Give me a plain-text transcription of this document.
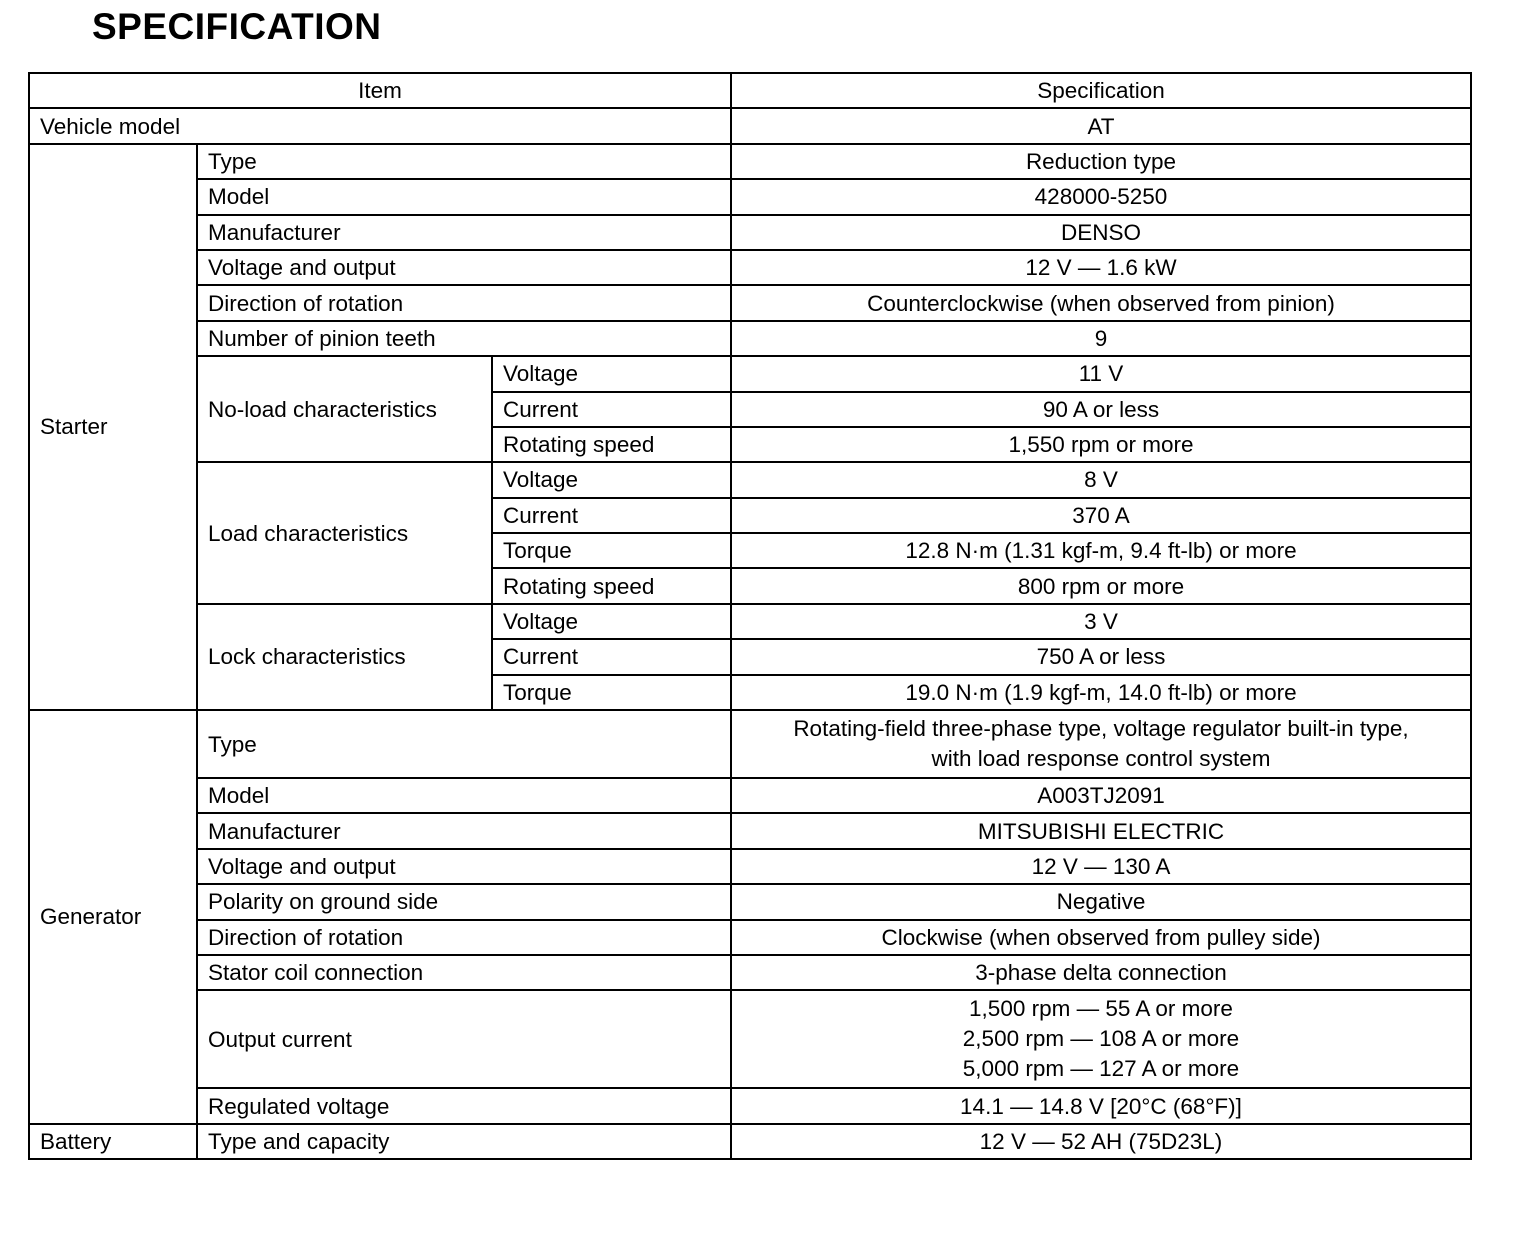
SPECIFICATION
Item			Specification
Vehicle model			AT
Starter	Type		Reduction type
	Model		428000-5250
	Manufacturer		DENSO
	Voltage and output		12 V — 1.6 kW
	Direction of rotation		Counterclockwise (when observed from pinion)
	Number of pinion teeth		9
	No-load characteristics	Voltage	11 V
		Current	90 A or less
		Rotating speed	1,550 rpm or more
	Load characteristics	Voltage	8 V
		Current	370 A
		Torque	12.8 N·m (1.31 kgf-m, 9.4 ft-lb) or more
		Rotating speed	800 rpm or more
	Lock characteristics	Voltage	3 V
		Current	750 A or less
		Torque	19.0 N·m (1.9 kgf-m, 14.0 ft-lb) or more
Generator	Type		Rotating-field three-phase type, voltage regulator built-in type,
with load response control system

	Model		A003TJ2091
	Manufacturer		MITSUBISHI ELECTRIC
	Voltage and output		12 V — 130 A
	Polarity on ground side		Negative
	Direction of rotation		Clockwise (when observed from pulley side)
	Stator coil connection		3-phase delta connection
	Output current		1,500 rpm — 55 A or more
2,500 rpm — 108 A or more
5,000 rpm — 127 A or more

	Regulated voltage		14.1 — 14.8 V [20°C (68°F)]
Battery	Type and capacity		12 V — 52 AH (75D23L)
